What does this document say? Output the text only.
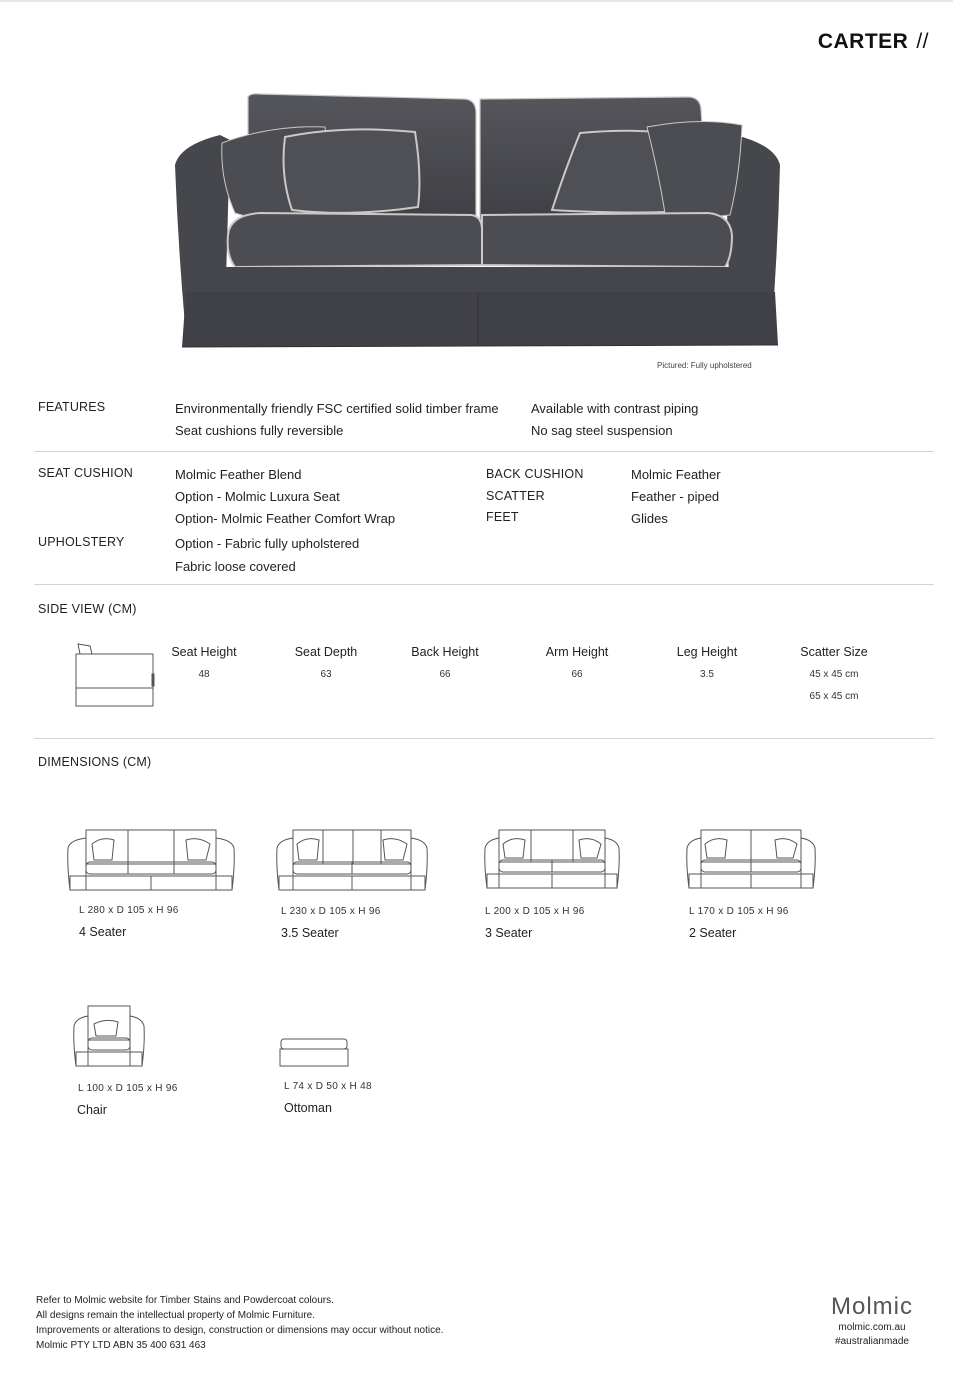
CARTER //
Pictured: Fully upholstered
FEATURES	Environmentally friendly FSC certified solid timber frame
Seat cushions fully reversible
Available with contrast piping
No sag steel suspension
SEAT CUSHION	Molmic Feather Blend
Option - Molmic Luxura Seat
Option- Molmic Feather Comfort Wrap
BACK CUSHION	Molmic Feather
SCATTER	Feather - piped
FEET	Glides
UPHOLSTERY	Option - Fabric fully upholstered
Fabric loose covered
SIDE VIEW (CM)
Seat Height
48
Seat Depth
63
Back Height
66
Arm Height
66
Leg Height
3.5
Scatter Size
45 x 45 cm
65 x 45 cm
DIMENSIONS (CM)
L 280 x D 105 x H 96
4 Seater
L 230 x D 105 x H 96
3.5 Seater
L 200 x D 105 x H 96
3 Seater
L 170 x D 105 x H 96
2 Seater
L 100 x D 105 x H 96
Chair
L 74 x D 50 x H 48
Ottoman
Refer to Molmic website for Timber Stains and Powdercoat colours.
All designs remain the intellectual property of Molmic Furniture.
Improvements or alterations to design, construction or dimensions may occur without notice.
Molmic PTY LTD ABN 35 400 631 463
Molmic
molmic.com.au
#australianmade
